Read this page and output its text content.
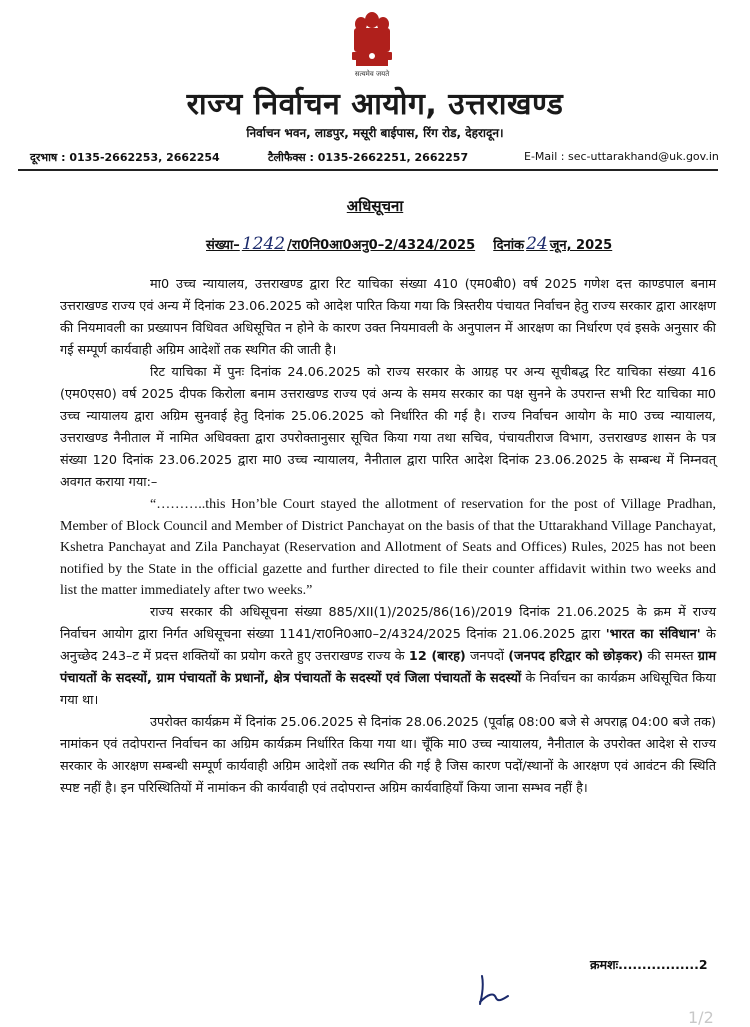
सत्यमेव जयते
राज्य निर्वाचन आयोग, उत्तराखण्ड
निर्वाचन भवन, लाडपुर, मसूरी बाईपास, रिंग रोड, देहरादून।
दूरभाष : 0135-2662253, 2662254	टैलीफैक्स : 0135-2662251, 2662257	E-Mail : sec-uttarakhand@uk.gov.in
अधिसूचना
संख्या– 1242 /रा0नि0आ0अनु0–2/4324/2025 दिनांक 24 जून, 2025

मा0 उच्च न्यायालय, उत्तराखण्ड द्वारा रिट याचिका संख्या 410 (एम0बी0) वर्ष 2025 गणेश दत्त काण्डपाल बनाम उत्तराखण्ड राज्य एवं अन्य में दिनांक 23.06.2025 को आदेश पारित किया गया कि त्रिस्तरीय पंचायत निर्वाचन हेतु राज्य सरकार द्वारा आरक्षण की नियमावली का प्रख्यापन विधिवत अधिसूचित न होने के कारण उक्त नियमावली के अनुपालन में आरक्षण का निर्धारण एवं इसके अनुसार की गई सम्पूर्ण कार्यवाही अग्रिम आदेशों तक स्थगित की जाती है।

रिट याचिका में पुनः दिनांक 24.06.2025 को राज्य सरकार के आग्रह पर अन्य सूचीबद्ध रिट याचिका संख्या 416 (एम0एस0) वर्ष 2025 दीपक किरोला बनाम उत्तराखण्ड राज्य एवं अन्य के समय सरकार का पक्ष सुनने के उपरान्त सभी रिट याचिका मा0 उच्च न्यायालय द्वारा अग्रिम सुनवाई हेतु दिनांक 25.06.2025 को निर्धारित की गई है। राज्य निर्वाचन आयोग के मा0 उच्च न्यायालय, उत्तराखण्ड नैनीताल में नामित अधिवक्ता द्वारा उपरोक्तानुसार सूचित किया गया तथा सचिव, पंचायतीराज विभाग, उत्तराखण्ड शासन के पत्र संख्या 120 दिनांक 23.06.2025 द्वारा मा0 उच्च न्यायालय, नैनीताल द्वारा पारित आदेश दिनांक 23.06.2025 के सम्बन्ध में निम्नवत् अवगत कराया गया:–

“………..this Hon’ble Court stayed the allotment of reservation for the post of Village Pradhan, Member of Block Council and Member of District Panchayat on the basis of that the Uttarakhand Village Panchayat, Kshetra Panchayat and Zila Panchayat (Reservation and Allotment of Seats and Offices) Rules, 2025 has not been notified by the State in the official gazette and further directed to file their counter affidavit within two weeks and list the matter immediately after two weeks.”

राज्य सरकार की अधिसूचना संख्या 885/XII(1)/2025/86(16)/2019 दिनांक 21.06.2025 के क्रम में राज्य निर्वाचन आयोग द्वारा निर्गत अधिसूचना संख्या 1141/रा0नि0आ0–2/4324/2025 दिनांक 21.06.2025 द्वारा 'भारत का संविधान' के अनुच्छेद 243–ट में प्रदत्त शक्तियों का प्रयोग करते हुए उत्तराखण्ड राज्य के 12 (बारह) जनपदों (जनपद हरिद्वार को छोड़कर) की समस्त ग्राम पंचायतों के सदस्यों, ग्राम पंचायतों के प्रधानों, क्षेत्र पंचायतों के सदस्यों एवं जिला पंचायतों के सदस्यों के निर्वाचन का कार्यक्रम अधिसूचित किया गया था।

उपरोक्त कार्यक्रम में दिनांक 25.06.2025 से दिनांक 28.06.2025 (पूर्वाह्न 08:00 बजे से अपराह्न 04:00 बजे तक) नामांकन एवं तदोपरान्त निर्वाचन का अग्रिम कार्यक्रम निर्धारित किया गया था। चूँकि मा0 उच्च न्यायालय, नैनीताल के उपरोक्त आदेश से राज्य सरकार के आरक्षण सम्बन्धी सम्पूर्ण कार्यवाही अग्रिम आदेशों तक स्थगित की गई है जिस कारण पदों/स्थानों के आरक्षण एवं आवंटन की स्थिति स्पष्ट नहीं है। इन परिस्थितियों में नामांकन की कार्यवाही एवं तदोपरान्त अग्रिम कार्यवाहियाँ किया जाना सम्भव नहीं है।

क्रमशः.................2
1/2
